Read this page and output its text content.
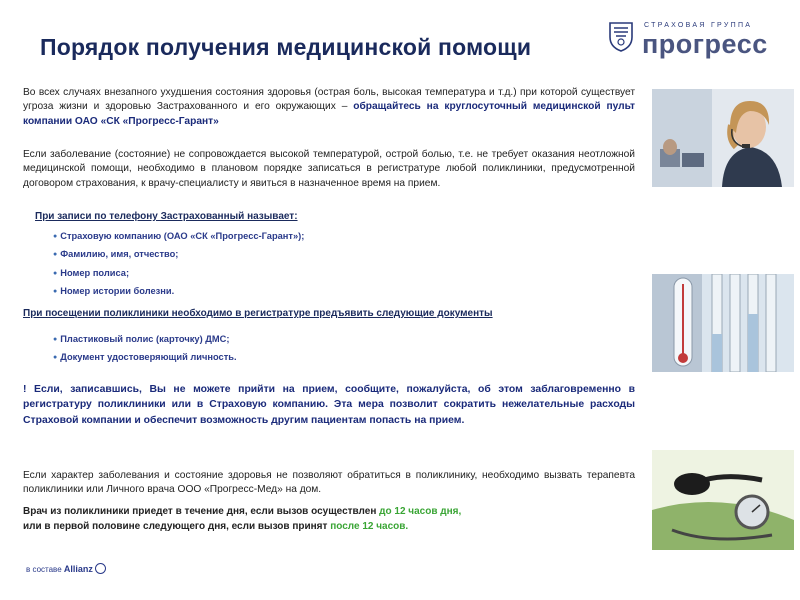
Порядок получения медицинской помощи
СТРАХОВАЯ ГРУППА
прогресс
Во всех случаях внезапного ухудшения состояния здоровья (острая боль, высокая температура и т.д.) при которой существует угроза жизни и здоровью Застрахованного и его окружающих – обращайтесь на круглосуточный медицинской пульт компании ОАО «СК «Прогресс-Гарант»
Если заболевание (состояние) не сопровождается высокой температурой, острой болью, т.е. не требует оказания неотложной медицинской помощи, необходимо в плановом порядке записаться в регистратуре любой поликлиники, предусмотренной договором страхования, к врачу-специалисту и явиться в назначенное время на прием.
При записи по телефону Застрахованный называет:
● Страховую компанию (ОАО «СК «Прогресс-Гарант»);
● Фамилию, имя, отчество;
● Номер полиса;
● Номер истории болезни.
При посещении поликлиники необходимо в регистратуре предъявить следующие документы
● Пластиковый полис (карточку) ДМС;
● Документ удостоверяющий личность.
! Если, записавшись, Вы не можете прийти на прием, сообщите, пожалуйста, об этом заблаговременно в регистратуру поликлиники или в Страховую компанию. Эта мера позволит сократить нежелательные расходы Страховой компании и обеспечит возможность другим пациентам попасть на прием.
Если характер заболевания и состояние здоровья не позволяют обратиться в поликлинику, необходимо вызвать терапевта поликлиники или Личного врача ООО «Прогресс-Мед» на дом.
Врач из поликлиники приедет в течение дня, если вызов осуществлен до 12 часов дня,
или в первой половине следующего дня, если вызов принят после 12 часов.
в составе Allianz
